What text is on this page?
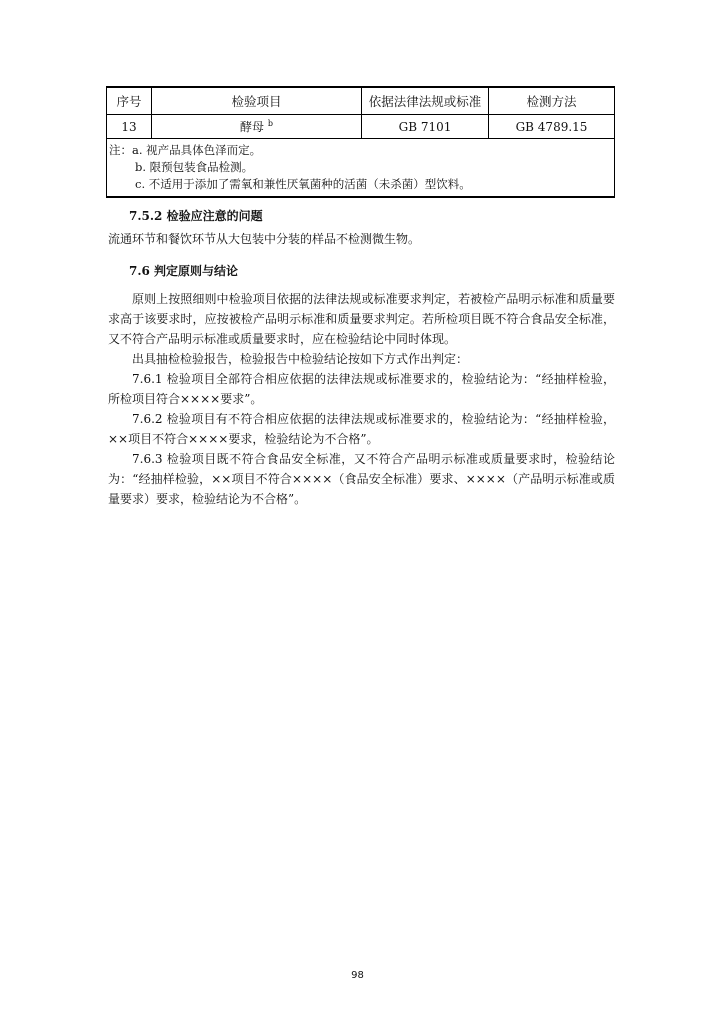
序号	检验项目	依据法律法规或标准	检测方法
13	酵母 $^b$	GB 7101	GB 4789.15

注：a. 视产品具体色泽而定。
b. 限预包装食品检测。
c. 不适用于添加了需氧和兼性厌氧菌种的活菌（未杀菌）型饮料。			
7.5.2 检验应注意的问题
流通环节和餐饮环节从大包装中分装的样品不检测微生物。
7.6 判定原则与结论

原则上按照细则中检验项目依据的法律法规或标准要求判定，若被检产品明示标准和质量要求高于该要求时，应按被检产品明示标准和质量要求判定。若所检项目既不符合食品安全标准，又不符合产品明示标准或质量要求时，应在检验结论中同时体现。

出具抽检检验报告，检验报告中检验结论按如下方式作出判定：

7.6.1 检验项目全部符合相应依据的法律法规或标准要求的，检验结论为：“经抽样检验，所检项目符合××××要求”。

7.6.2 检验项目有不符合相应依据的法律法规或标准要求的，检验结论为：“经抽样检验，××项目不符合××××要求，检验结论为不合格”。

7.6.3 检验项目既不符合食品安全标准，又不符合产品明示标准或质量要求时，检验结论为：“经抽样检验，××项目不符合××××（食品安全标准）要求、××××（产品明示标准或质量要求）要求，检验结论为不合格”。

98
